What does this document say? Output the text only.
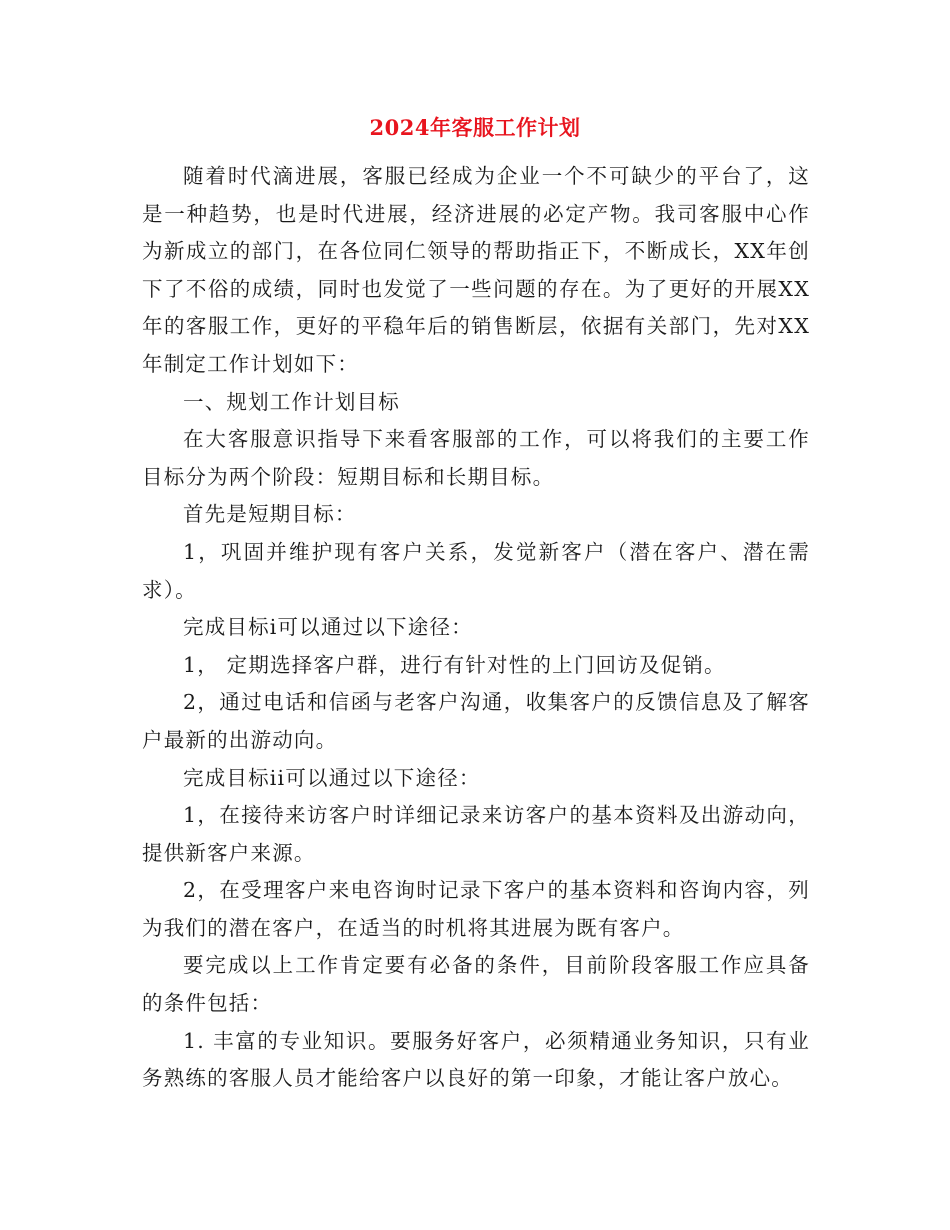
2024年客服工作计划

随着时代滴进展，客服已经成为企业一个不可缺少的平台了，这是一种趋势，也是时代进展，经济进展的必定产物。我司客服中心作为新成立的部门，在各位同仁领导的帮助指正下，不断成长，XX年创下了不俗的成绩，同时也发觉了一些问题的存在。为了更好的开展XX年的客服工作，更好的平稳年后的销售断层，依据有关部门，先对XX年制定工作计划如下：

一、规划工作计划目标

在大客服意识指导下来看客服部的工作，可以将我们的主要工作目标分为两个阶段：短期目标和长期目标。

首先是短期目标：

1，巩固并维护现有客户关系，发觉新客户（潜在客户、潜在需求）。

完成目标i可以通过以下途径：

1， 定期选择客户群，进行有针对性的上门回访及促销。

2，通过电话和信函与老客户沟通，收集客户的反馈信息及了解客户最新的出游动向。

完成目标ii可以通过以下途径：

1，在接待来访客户时详细记录来访客户的基本资料及出游动向，提供新客户来源。

2，在受理客户来电咨询时记录下客户的基本资料和咨询内容，列为我们的潜在客户，在适当的时机将其进展为既有客户。

要完成以上工作肯定要有必备的条件，目前阶段客服工作应具备的条件包括：

1. 丰富的专业知识。要服务好客户，必须精通业务知识，只有业务熟练的客服人员才能给客户以良好的第一印象，才能让客户放心。
